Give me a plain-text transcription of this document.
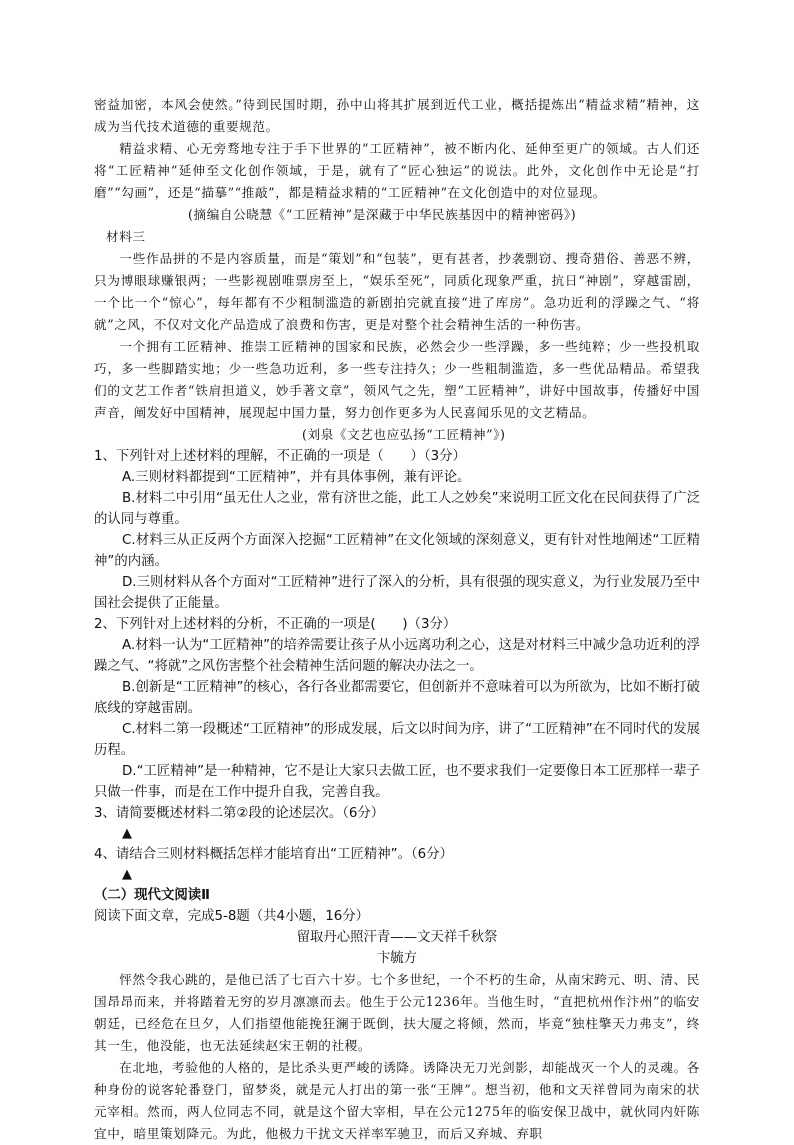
密益加密，本风会使然。”待到民国时期，孙中山将其扩展到近代工业，概括提炼出“精益求精”精神，这成为当代技术道德的重要规范。

精益求精、心无旁骛地专注于手下世界的“工匠精神”，被不断内化、延伸至更广的领域。古人们还将“工匠精神”延伸至文化创作领域，于是，就有了“匠心独运”的说法。此外，文化创作中无论是“打磨”“勾画”，还是“描摹”“推敲”，都是精益求精的“工匠精神”在文化创造中的对位显现。

(摘编自公晓慧《“工匠精神”是深藏于中华民族基因中的精神密码》)

材料三

一些作品拼的不是内容质量，而是“策划”和“包装”，更有甚者，抄袭剽窃、搜奇猎俗、善恶不辨，只为博眼球赚银两；一些影视剧唯票房至上，“娱乐至死”，同质化现象严重，抗日“神剧”，穿越雷剧，一个比一个“惊心”，每年都有不少粗制滥造的新剧拍完就直接“进了库房”。急功近利的浮躁之气、“将就”之风，不仅对文化产品造成了浪费和伤害，更是对整个社会精神生活的一种伤害。

一个拥有工匠精神、推崇工匠精神的国家和民族，必然会少一些浮躁，多一些纯粹；少一些投机取巧，多一些脚踏实地；少一些急功近利，多一些专注持久；少一些粗制滥造，多一些优品精品。希望我们的文艺工作者“铁肩担道义，妙手著文章”，领风气之先，塑“工匠精神”，讲好中国故事，传播好中国声音，阐发好中国精神，展现起中国力量，努力创作更多为人民喜闻乐见的文艺精品。

(刘泉《文艺也应弘扬“工匠精神”》)

1、下列针对上述材料的理解，不正确的一项是（　　）（3分）

A.三则材料都提到“工匠精神”，并有具体事例，兼有评论。

B.材料二中引用“虽无仕人之业，常有济世之能，此工人之妙矣”来说明工匠文化在民间获得了广泛的认同与尊重。

C.材料三从正反两个方面深入挖掘“工匠精神”在文化领域的深刻意义，更有针对性地阐述“工匠精神”的内涵。

D.三则材料从各个方面对“工匠精神”进行了深入的分析，具有很强的现实意义，为行业发展乃至中国社会提供了正能量。

2、下列针对上述材料的分析，不正确的一项是(　　)（3分）

A.材料一认为“工匠精神”的培养需要让孩子从小远离功利之心，这是对材料三中减少急功近利的浮躁之气、“将就”之风伤害整个社会精神生活问题的解决办法之一。

B.创新是“工匠精神”的核心，各行各业都需要它，但创新并不意味着可以为所欲为，比如不断打破底线的穿越雷剧。

C.材料二第一段概述“工匠精神”的形成发展，后文以时间为序，讲了“工匠精神”在不同时代的发展历程。

D.“工匠精神”是一种精神，它不是让大家只去做工匠，也不要求我们一定要像日本工匠那样一辈子只做一件事，而是在工作中提升自我，完善自我。

3、请简要概述材料二第②段的论述层次。（6分）

▲

4、请结合三则材料概括怎样才能培育出“工匠精神”。（6分）

▲

（二）现代文阅读Ⅱ

阅读下面文章，完成5-8题（共4小题，16分）

留取丹心照汗青——文天祥千秋祭

卞毓方

怦然令我心跳的，是他已活了七百六十岁。七个多世纪，一个不朽的生命，从南宋跨元、明、清、民国昂昂而来，并将踏着无穷的岁月凛凛而去。他生于公元1236年。当他生时，“直把杭州作汴州”的临安朝廷，已经危在旦夕，人们指望他能挽狂澜于既倒，扶大厦之将倾，然而，毕竟“独柱擎天力弗支”，终其一生，他没能，也无法延续赵宋王朝的社稷。

在北地，考验他的人格的，是比杀头更严峻的诱降。诱降决无刀光剑影，却能战灭一个人的灵魂。各种身份的说客轮番登门，留梦炎，就是元人打出的第一张“王牌”。想当初，他和文天祥曾同为南宋的状元宰相。然而，两人位同志不同，就是这个留大宰相，早在公元1275年的临安保卫战中，就伙同内奸陈宜中，暗里策划降元。为此，他极力干扰文天祥率军驰卫，而后又弃城、弃职
